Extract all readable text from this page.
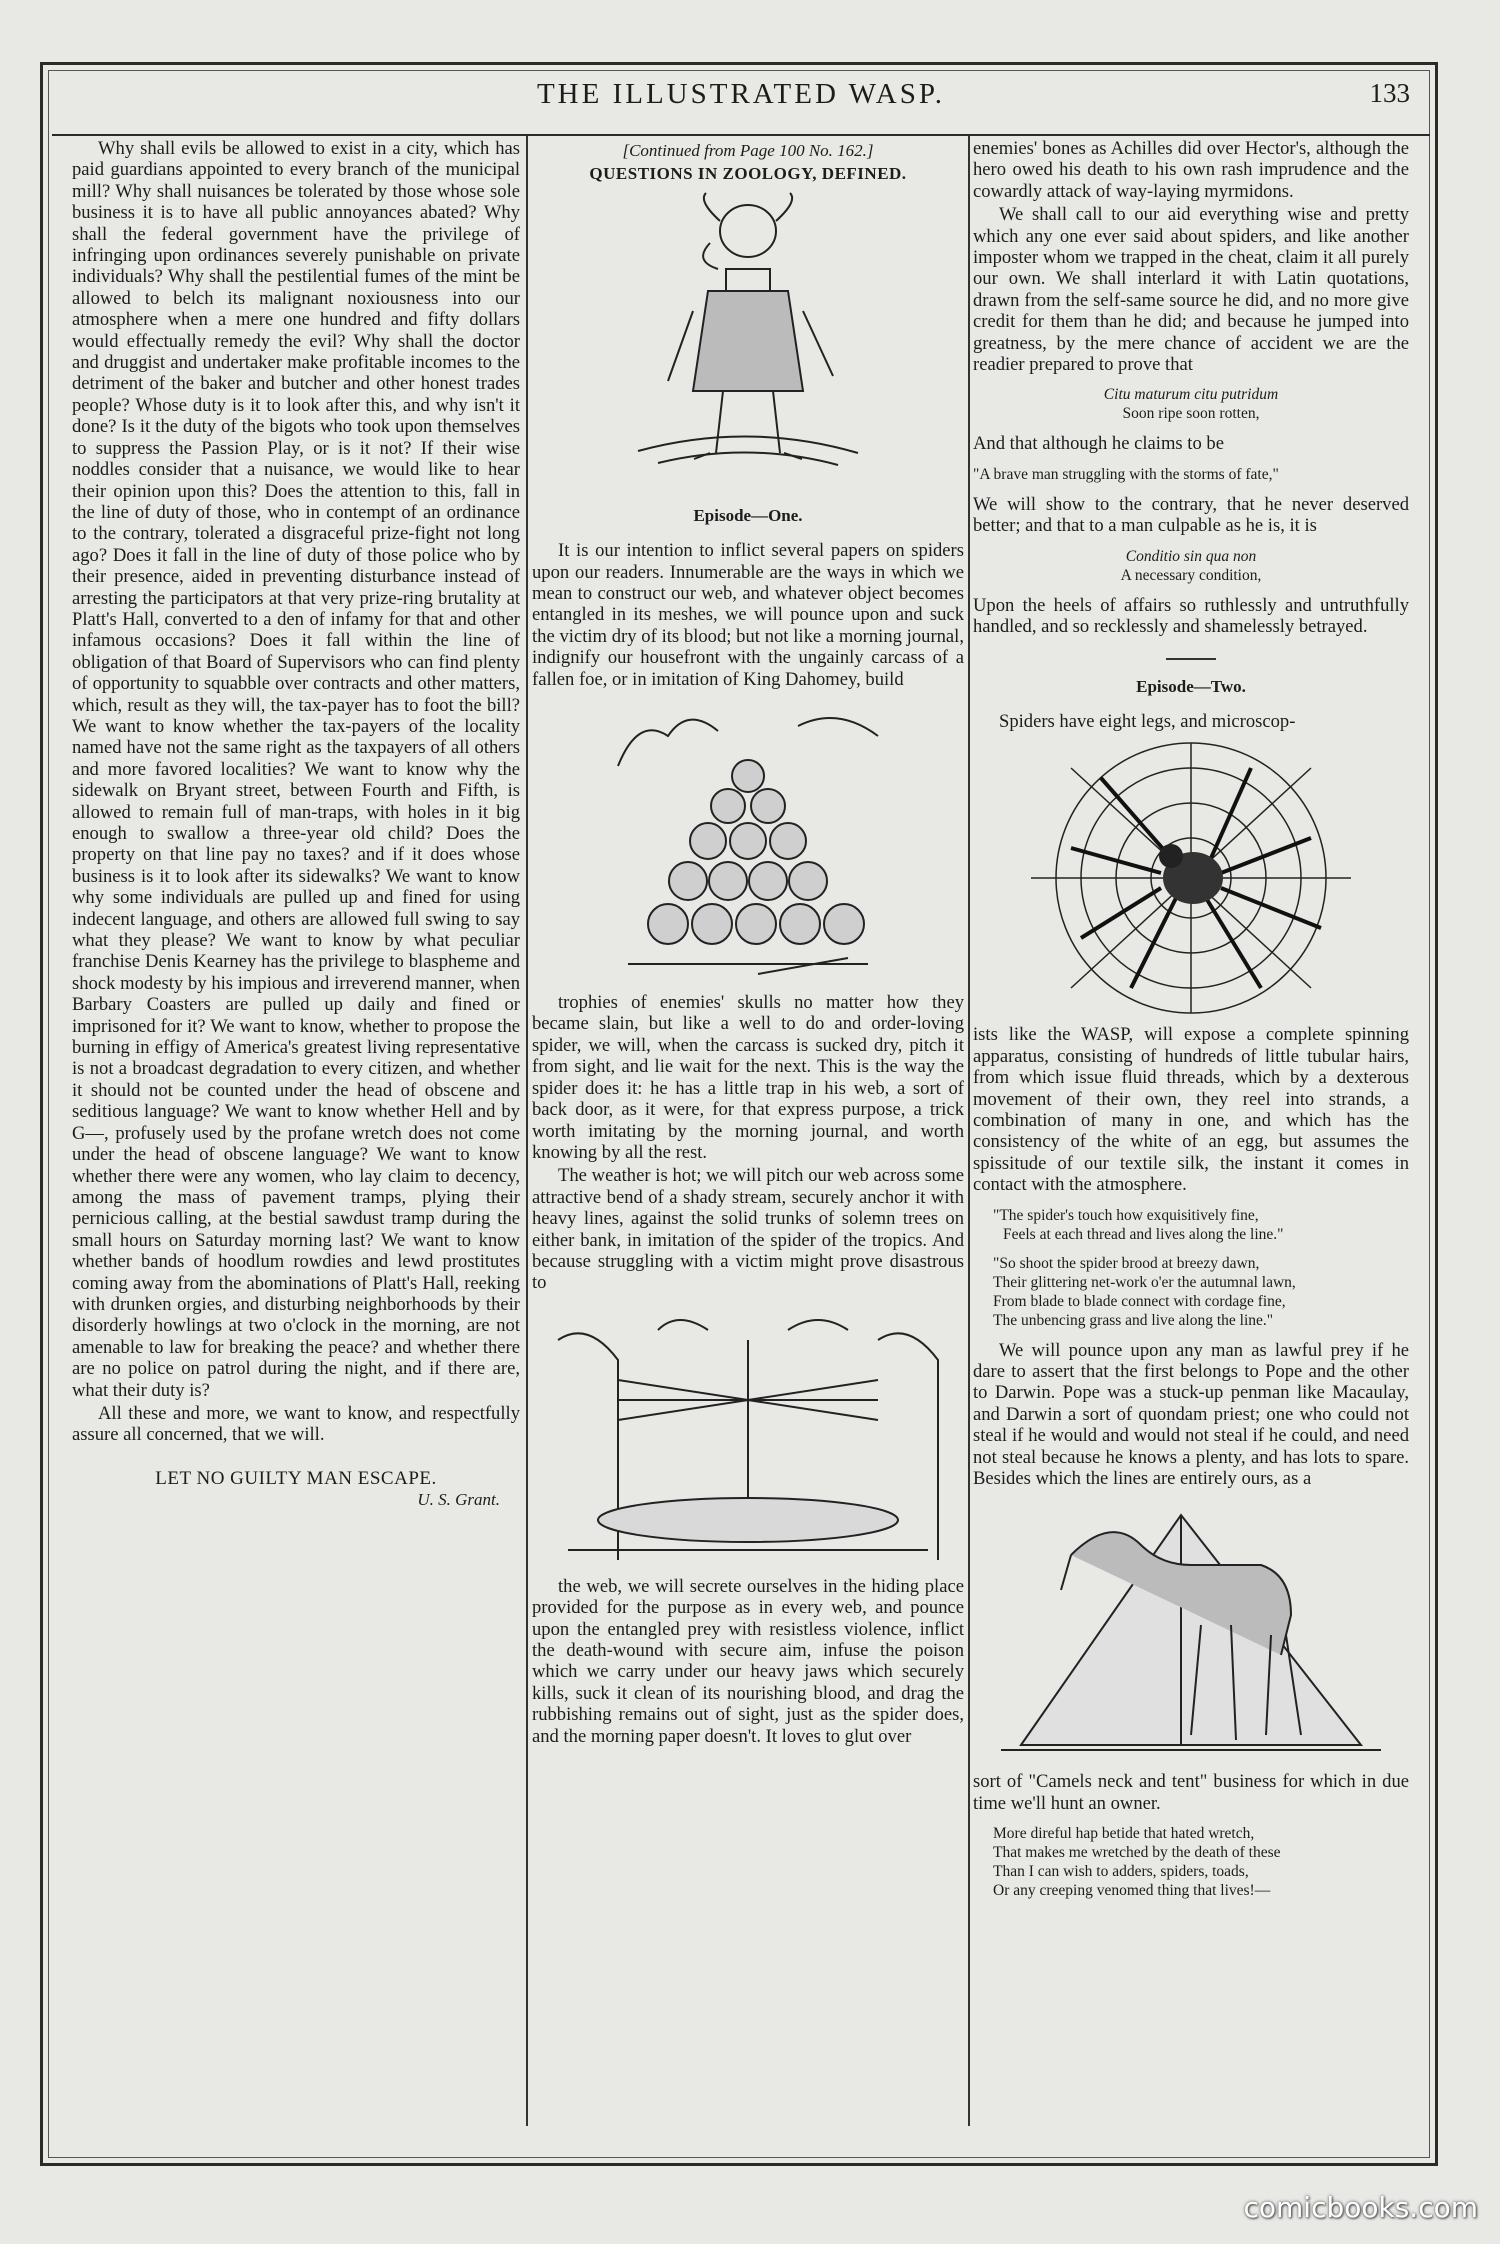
THE ILLUSTRATED WASP.	133

Why shall evils be allowed to exist in a city, which has paid guardians appointed to every branch of the municipal mill? Why shall nuisances be tolerated by those whose sole business it is to have all public annoyances abated? Why shall the federal government have the privilege of infringing upon ordinances severely punishable on private individuals? Why shall the pestilential fumes of the mint be allowed to belch its malignant noxiousness into our atmosphere when a mere one hundred and fifty dollars would effectually remedy the evil? Why shall the doctor and druggist and undertaker make profitable incomes to the detriment of the baker and butcher and other honest trades people? Whose duty is it to look after this, and why isn't it done? Is it the duty of the bigots who took upon themselves to suppress the Passion Play, or is it not? If their wise noddles consider that a nuisance, we would like to hear their opinion upon this? Does the attention to this, fall in the line of duty of those, who in contempt of an ordinance to the contrary, tolerated a disgraceful prize-fight not long ago? Does it fall in the line of duty of those police who by their presence, aided in preventing disturbance instead of arresting the participators at that very prize-ring brutality at Platt's Hall, converted to a den of infamy for that and other infamous occasions? Does it fall within the line of obligation of that Board of Supervisors who can find plenty of opportunity to squabble over contracts and other matters, which, result as they will, the tax-payer has to foot the bill? We want to know whether the tax-payers of the locality named have not the same right as the taxpayers of all others and more favored localities? We want to know why the sidewalk on Bryant street, between Fourth and Fifth, is allowed to remain full of man-traps, with holes in it big enough to swallow a three-year old child? Does the property on that line pay no taxes? and if it does whose business is it to look after its sidewalks? We want to know why some individuals are pulled up and fined for using indecent language, and others are allowed full swing to say what they please? We want to know by what peculiar franchise Denis Kearney has the privilege to blaspheme and shock modesty by his impious and irreverend manner, when Barbary Coasters are pulled up daily and fined or imprisoned for it? We want to know, whether to propose the burning in effigy of America's greatest living representative is not a broadcast degradation to every citizen, and whether it should not be counted under the head of obscene and seditious language? We want to know whether Hell and by G—, profusely used by the profane wretch does not come under the head of obscene language? We want to know whether there were any women, who lay claim to decency, among the mass of pavement tramps, plying their pernicious calling, at the bestial sawdust tramp during the small hours on Saturday morning last? We want to know whether bands of hoodlum rowdies and lewd prostitutes coming away from the abominations of Platt's Hall, reeking with drunken orgies, and disturbing neighborhoods by their disorderly howlings at two o'clock in the morning, are not amenable to law for breaking the peace? and whether there are no police on patrol during the night, and if there are, what their duty is?

All these and more, we want to know, and respectfully assure all concerned, that we will.

LET NO GUILTY MAN ESCAPE.
U. S. Grant.
[Continued from Page 100 No. 162.]
QUESTIONS IN ZOOLOGY, DEFINED.
Episode—One.

It is our intention to inflict several papers on spiders upon our readers. Innumerable are the ways in which we mean to construct our web, and whatever object becomes entangled in its meshes, we will pounce upon and suck the victim dry of its blood; but not like a morning journal, indignify our housefront with the ungainly carcass of a fallen foe, or in imitation of King Dahomey, build

trophies of enemies' skulls no matter how they became slain, but like a well to do and order-loving spider, we will, when the carcass is sucked dry, pitch it from sight, and lie wait for the next. This is the way the spider does it: he has a little trap in his web, a sort of back door, as it were, for that express purpose, a trick worth imitating by the morning journal, and worth knowing by all the rest.

The weather is hot; we will pitch our web across some attractive bend of a shady stream, securely anchor it with heavy lines, against the solid trunks of solemn trees on either bank, in imitation of the spider of the tropics. And because struggling with a victim might prove disastrous to

the web, we will secrete ourselves in the hiding place provided for the purpose as in every web, and pounce upon the entangled prey with resistless violence, inflict the death-wound with secure aim, infuse the poison which we carry under our heavy jaws which securely kills, suck it clean of its nourishing blood, and drag the rubbishing remains out of sight, just as the spider does, and the morning paper doesn't. It loves to glut over

enemies' bones as Achilles did over Hector's, although the hero owed his death to his own rash imprudence and the cowardly attack of way-laying myrmidons.

We shall call to our aid everything wise and pretty which any one ever said about spiders, and like another imposter whom we trapped in the cheat, claim it all purely our own. We shall interlard it with Latin quotations, drawn from the self-same source he did, and no more give credit for them than he did; and because he jumped into greatness, by the mere chance of accident we are the readier prepared to prove that

Citu maturum citu putridum
Soon ripe soon rotten,

And that although he claims to be

"A brave man struggling with the storms of fate,"

We will show to the contrary, that he never deserved better; and that to a man culpable as he is, it is

Conditio sin qua non
A necessary condition,

Upon the heels of affairs so ruthlessly and untruthfully handled, and so recklessly and shamelessly betrayed.

Episode—Two.

Spiders have eight legs, and microscop-

ists like the WASP, will expose a complete spinning apparatus, consisting of hundreds of little tubular hairs, from which issue fluid threads, which by a dexterous movement of their own, they reel into strands, a combination of many in one, and which has the consistency of the white of an egg, but assumes the spissitude of our textile silk, the instant it comes in contact with the atmosphere.

"The spider's touch how exquisitively fine,
Feels at each thread and lives along the line."
"So shoot the spider brood at breezy dawn,
Their glittering net-work o'er the autumnal lawn,
From blade to blade connect with cordage fine,
The unbencing grass and live along the line."

We will pounce upon any man as lawful prey if he dare to assert that the first belongs to Pope and the other to Darwin. Pope was a stuck-up penman like Macaulay, and Darwin a sort of quondam priest; one who could not steal if he would and would not steal if he could, and need not steal because he knows a plenty, and has lots to spare. Besides which the lines are entirely ours, as a

sort of "Camels neck and tent" business for which in due time we'll hunt an owner.

More direful hap betide that hated wretch,
That makes me wretched by the death of these
Than I can wish to adders, spiders, toads,
Or any creeping venomed thing that lives!—
comicbooks.com
